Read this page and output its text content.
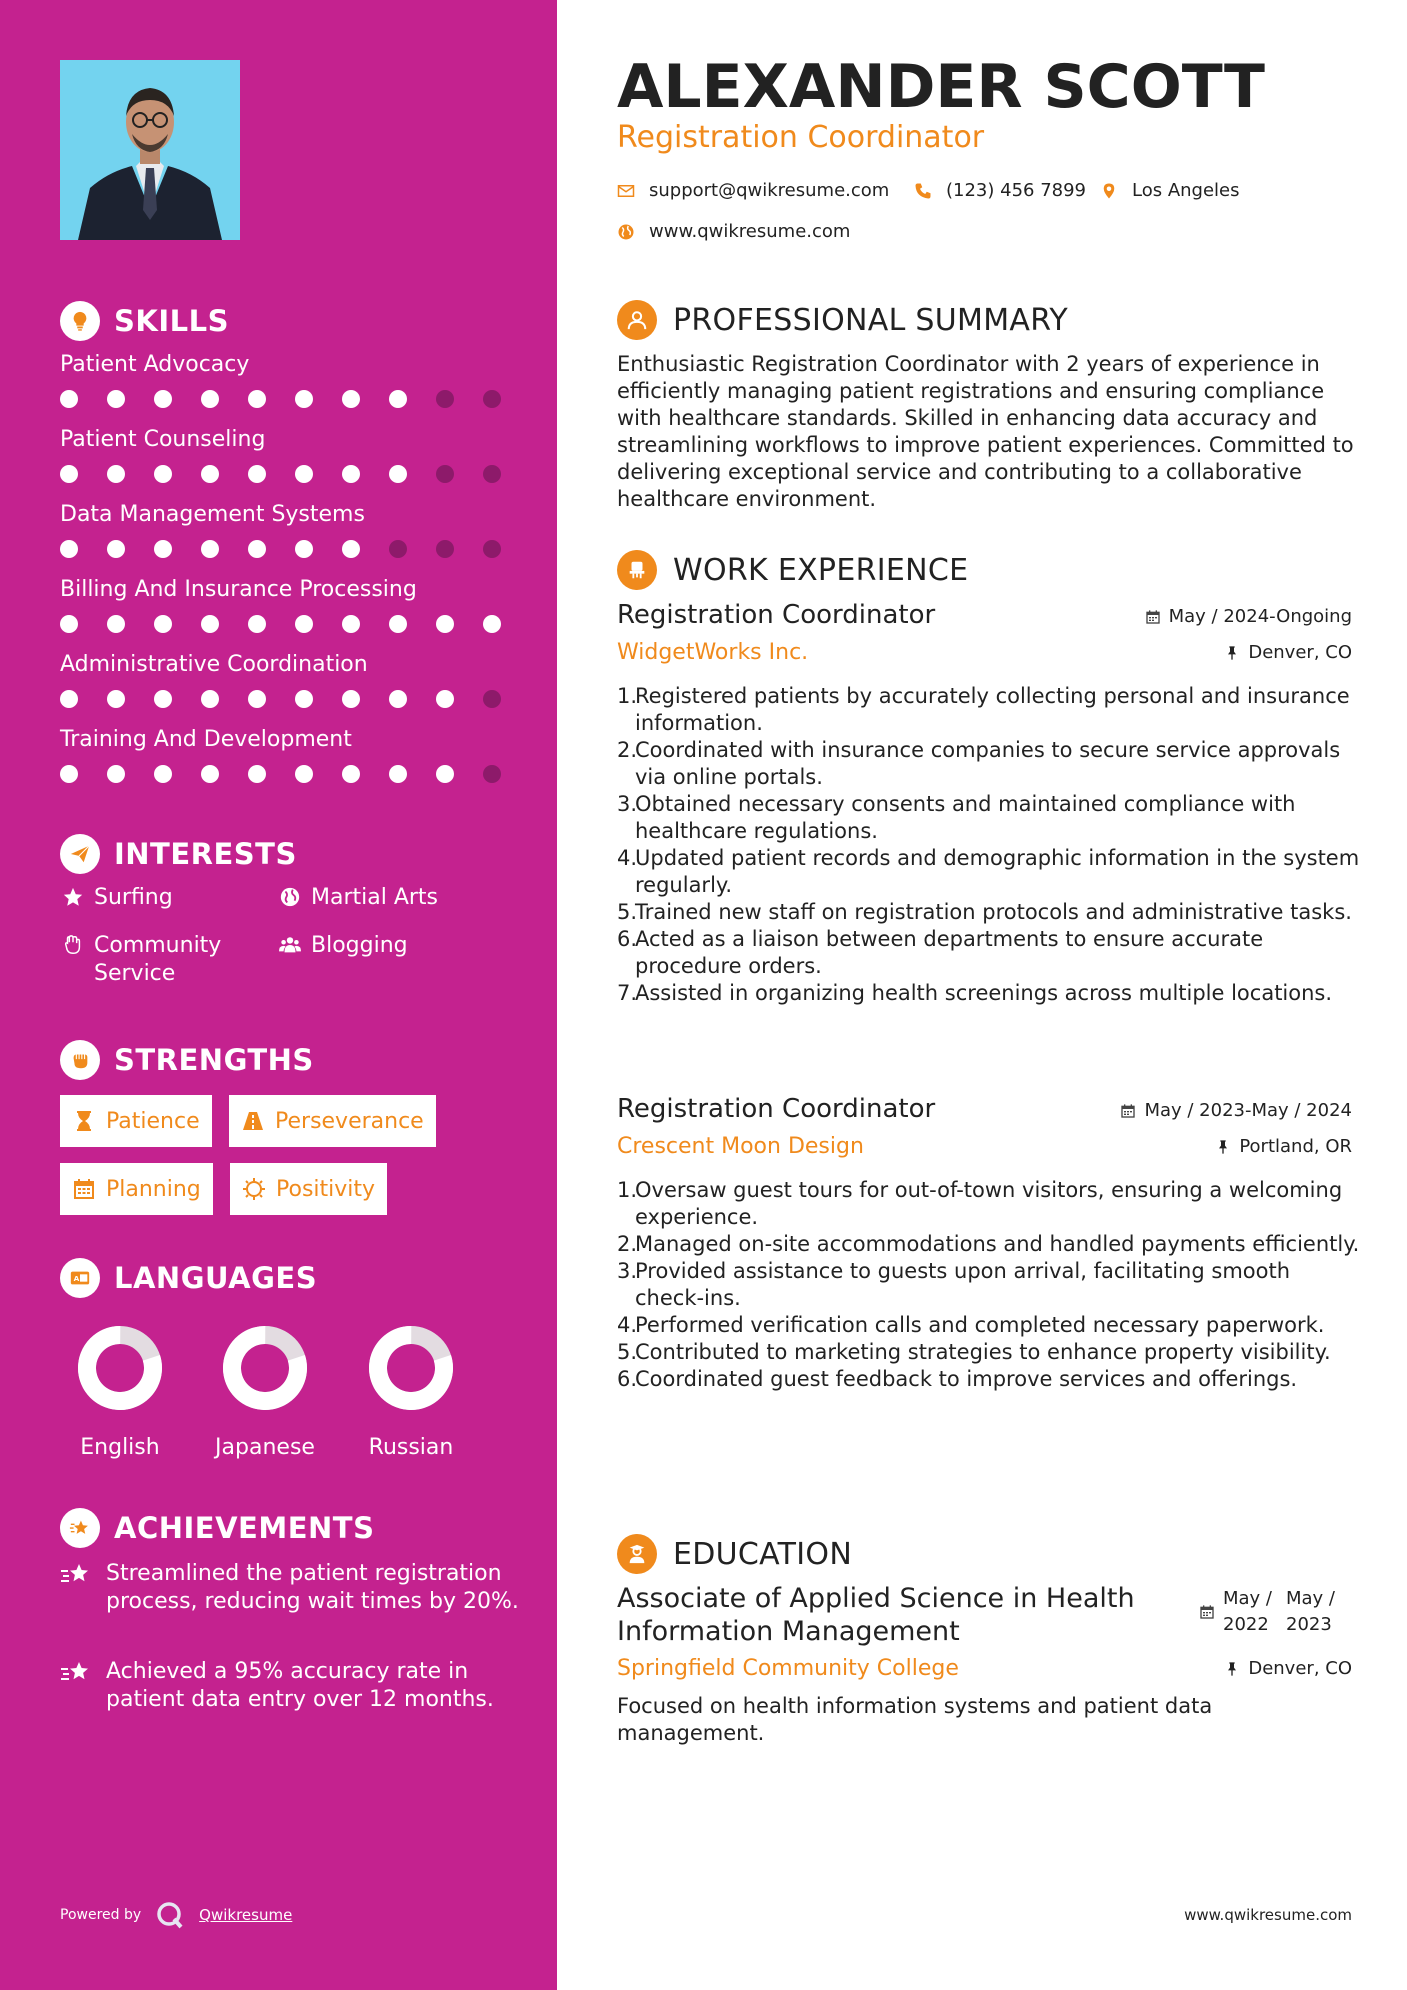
SKILLS
Patient Advocacy
Patient Counseling
Data Management Systems
Billing And Insurance Processing
Administrative Coordination
Training And Development
INTERESTS
Surfing	Martial Arts
Community Service
Blogging
STRENGTHS
Patience	Perseverance
Planning	Positivity
A LANGUAGES
English	Japanese	Russian
ACHIEVEMENTS
Streamlined the patient registration process, reducing wait times by 20%.
Achieved a 95% accuracy rate in patient data entry over 12 months.
Powered by	Qwikresume
ALEXANDER SCOTT
Registration Coordinator
support@qwikresume.com	(123) 456 7899	Los Angeles
www.qwikresume.com
PROFESSIONAL SUMMARY
Enthusiastic Registration Coordinator with 2 years of experience in efficiently managing patient registrations and ensuring compliance with healthcare standards. Skilled in enhancing data accuracy and streamlining workflows to improve patient experiences. Committed to delivering exceptional service and contributing to a collaborative healthcare environment.
WORK EXPERIENCE
Registration Coordinator	May / 2024-Ongoing
WidgetWorks Inc.	Denver, CO
1.
Registered patients by accurately collecting personal and insurance information.
2.
Coordinated with insurance companies to secure service approvals via online portals.
3.
Obtained necessary consents and maintained compliance with healthcare regulations.
4.
Updated patient records and demographic information in the system regularly.
5.
Trained new staff on registration protocols and administrative tasks.
6.
Acted as a liaison between departments to ensure accurate procedure orders.
7.
Assisted in organizing health screenings across multiple locations.
Registration Coordinator	May / 2023-May / 2024
Crescent Moon Design	Portland, OR
1.
Oversaw guest tours for out-of-town visitors, ensuring a welcoming experience.
2.
Managed on-site accommodations and handled payments efficiently.
3.
Provided assistance to guests upon arrival, facilitating smooth check-ins.
4.
Performed verification calls and completed necessary paperwork.
5.
Contributed to marketing strategies to enhance property visibility.
6.
Coordinated guest feedback to improve services and offerings.
EDUCATION
Associate of Applied Science in Health Information Management
May /
2022
May /
2023
Springfield Community College	Denver, CO
Focused on health information systems and patient data management.
www.qwikresume.com
